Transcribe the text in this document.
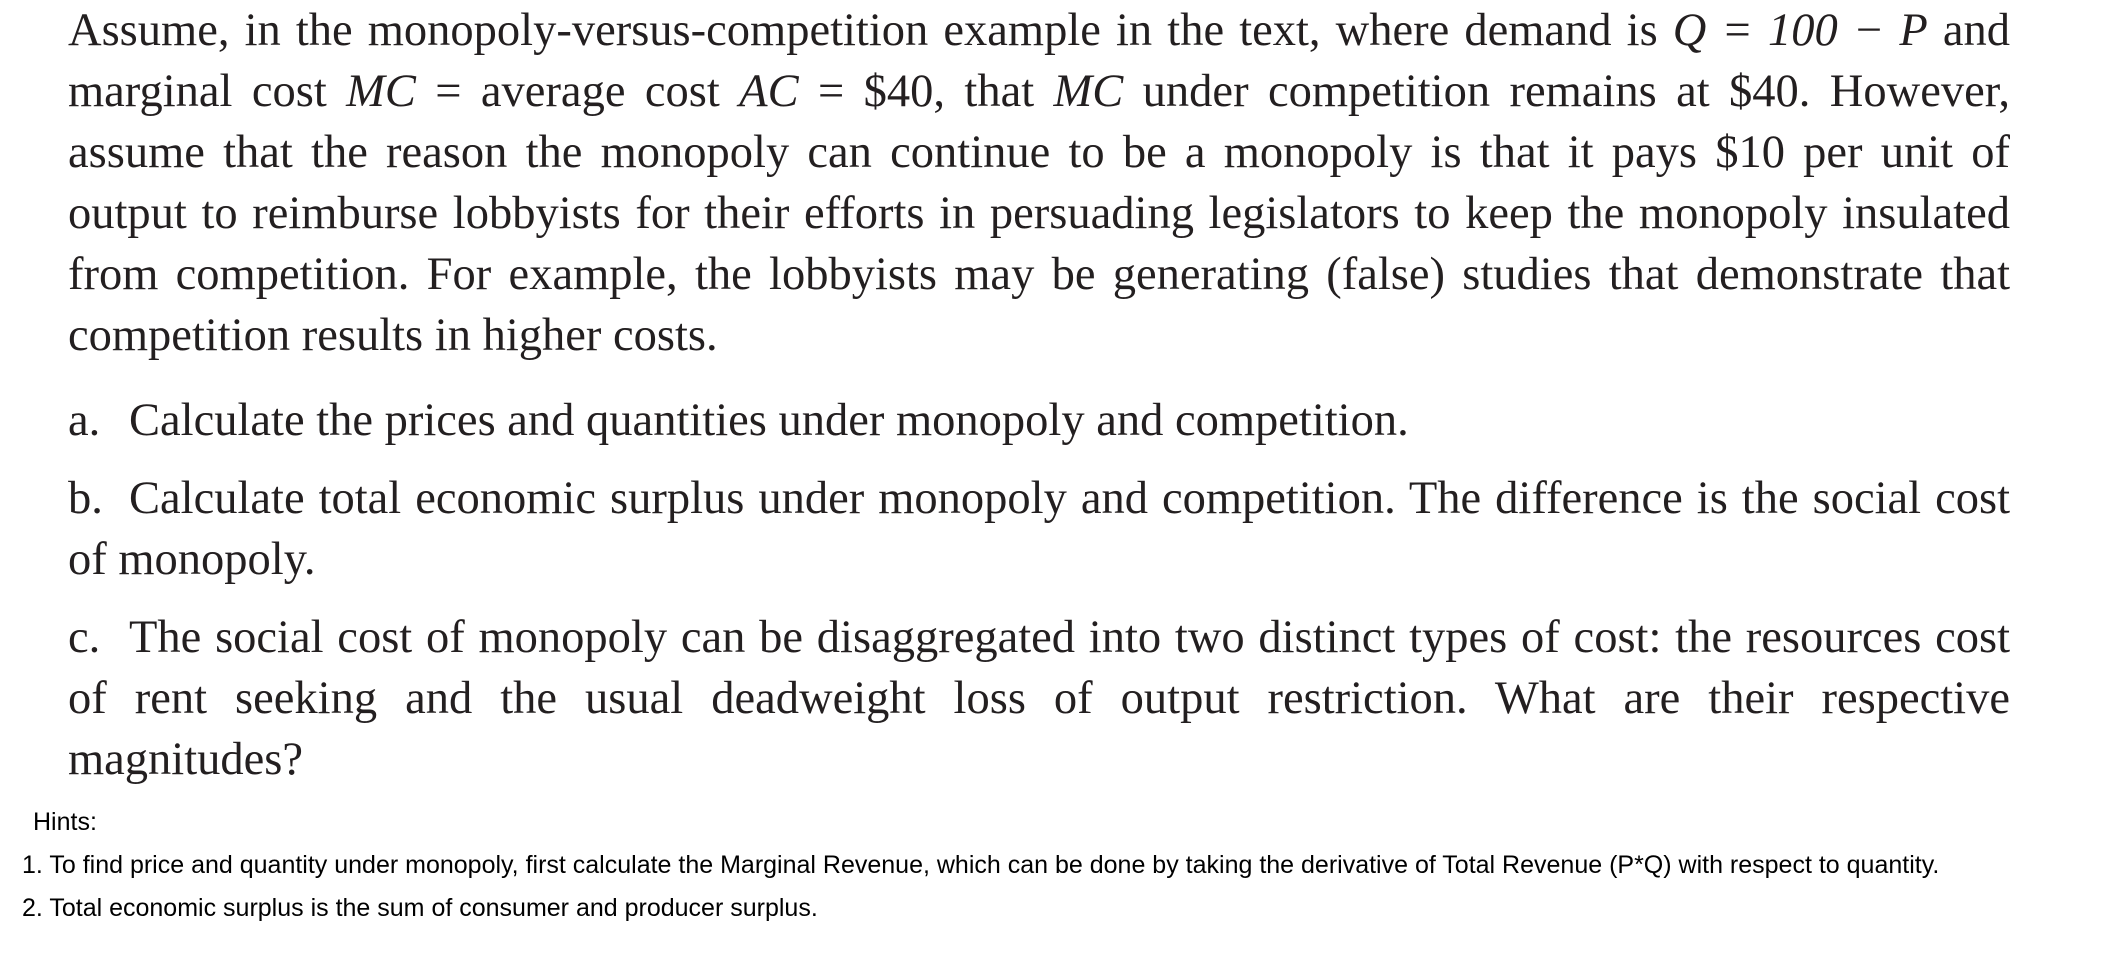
Assume, in the monopoly-versus-competition example in the text, where demand is Q = 100 − P and marginal cost MC = average cost AC = $40, that MC under competition remains at $40. However, assume that the reason the monopoly can continue to be a monopoly is that it pays $10 per unit of output to reimburse lobbyists for their efforts in persuading legislators to keep the monopoly insulated from competition. For example, the lobbyists may be generating (false) studies that demonstrate that competition results in higher costs.

a. Calculate the prices and quantities under monopoly and competition.

b. Calculate total economic surplus under monopoly and competition. The difference is the social cost of monopoly.

c. The social cost of monopoly can be disaggregated into two distinct types of cost: the resources cost of rent seeking and the usual deadweight loss of output restriction. What are their respective magnitudes?

Hints:

1. To find price and quantity under monopoly, first calculate the Marginal Revenue, which can be done by taking the derivative of Total Revenue (P*Q) with respect to quantity.

2. Total economic surplus is the sum of consumer and producer surplus.
